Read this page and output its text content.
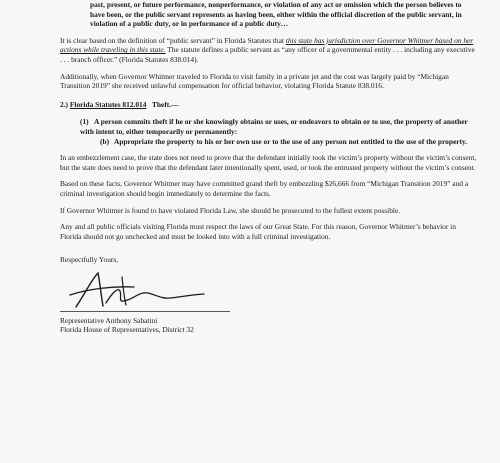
past, present, or future performance, nonperformance, or violation of any act or omission which the person believes to have been, or the public servant represents as having been, either within the official discretion of the public servant, in violation of a public duty, or in performance of a public duty…

It is clear based on the definition of “public servant” in Florida Statutes that this state has jurisdiction over Governor Whitmer based on her actions while traveling in this state. The statute defines a public servant as “any officer of a governmental entity . . . including any executive . . . branch officer.” (Florida Statutes 838.014).

Additionally, when Governor Whitmer traveled to Florida to visit family in a private jet and the cost was largely paid by “Michigan Transition 2019” she received unlawful compensation for official behavior, violating Florida Statute 838.016.

2.) Florida Statutes 812.014 Theft.—

(1) A person commits theft if he or she knowingly obtains or uses, or endeavors to obtain or to use, the property of another with intent to, either temporarily or permanently:

(b) Appropriate the property to his or her own use or to the use of any person not entitled to the use of the property.

In an embezzlement case, the state does not need to prove that the defendant initially took the victim’s property without the victim’s consent, but the state does need to prove that the defendant later intentionally spent, used, or took the entrusted property without the victim’s consent.

Based on these facts, Governor Whitmer may have committed grand theft by embezzling $26,666 from “Michigan Transition 2019” and a criminal investigation should begin immediately to determine the facts.

If Governor Whitmer is found to have violated Florida Law, she should be prosecuted to the fullest extent possible.

Any and all public officials visiting Florida must respect the laws of our Great State. For this reason, Governor Whitmer’s behavior in Florida should not go unchecked and must be looked into with a full criminal investigation.

Respectfully Yours,

Representative Anthony Sabatini

Florida House of Representatives, District 32
